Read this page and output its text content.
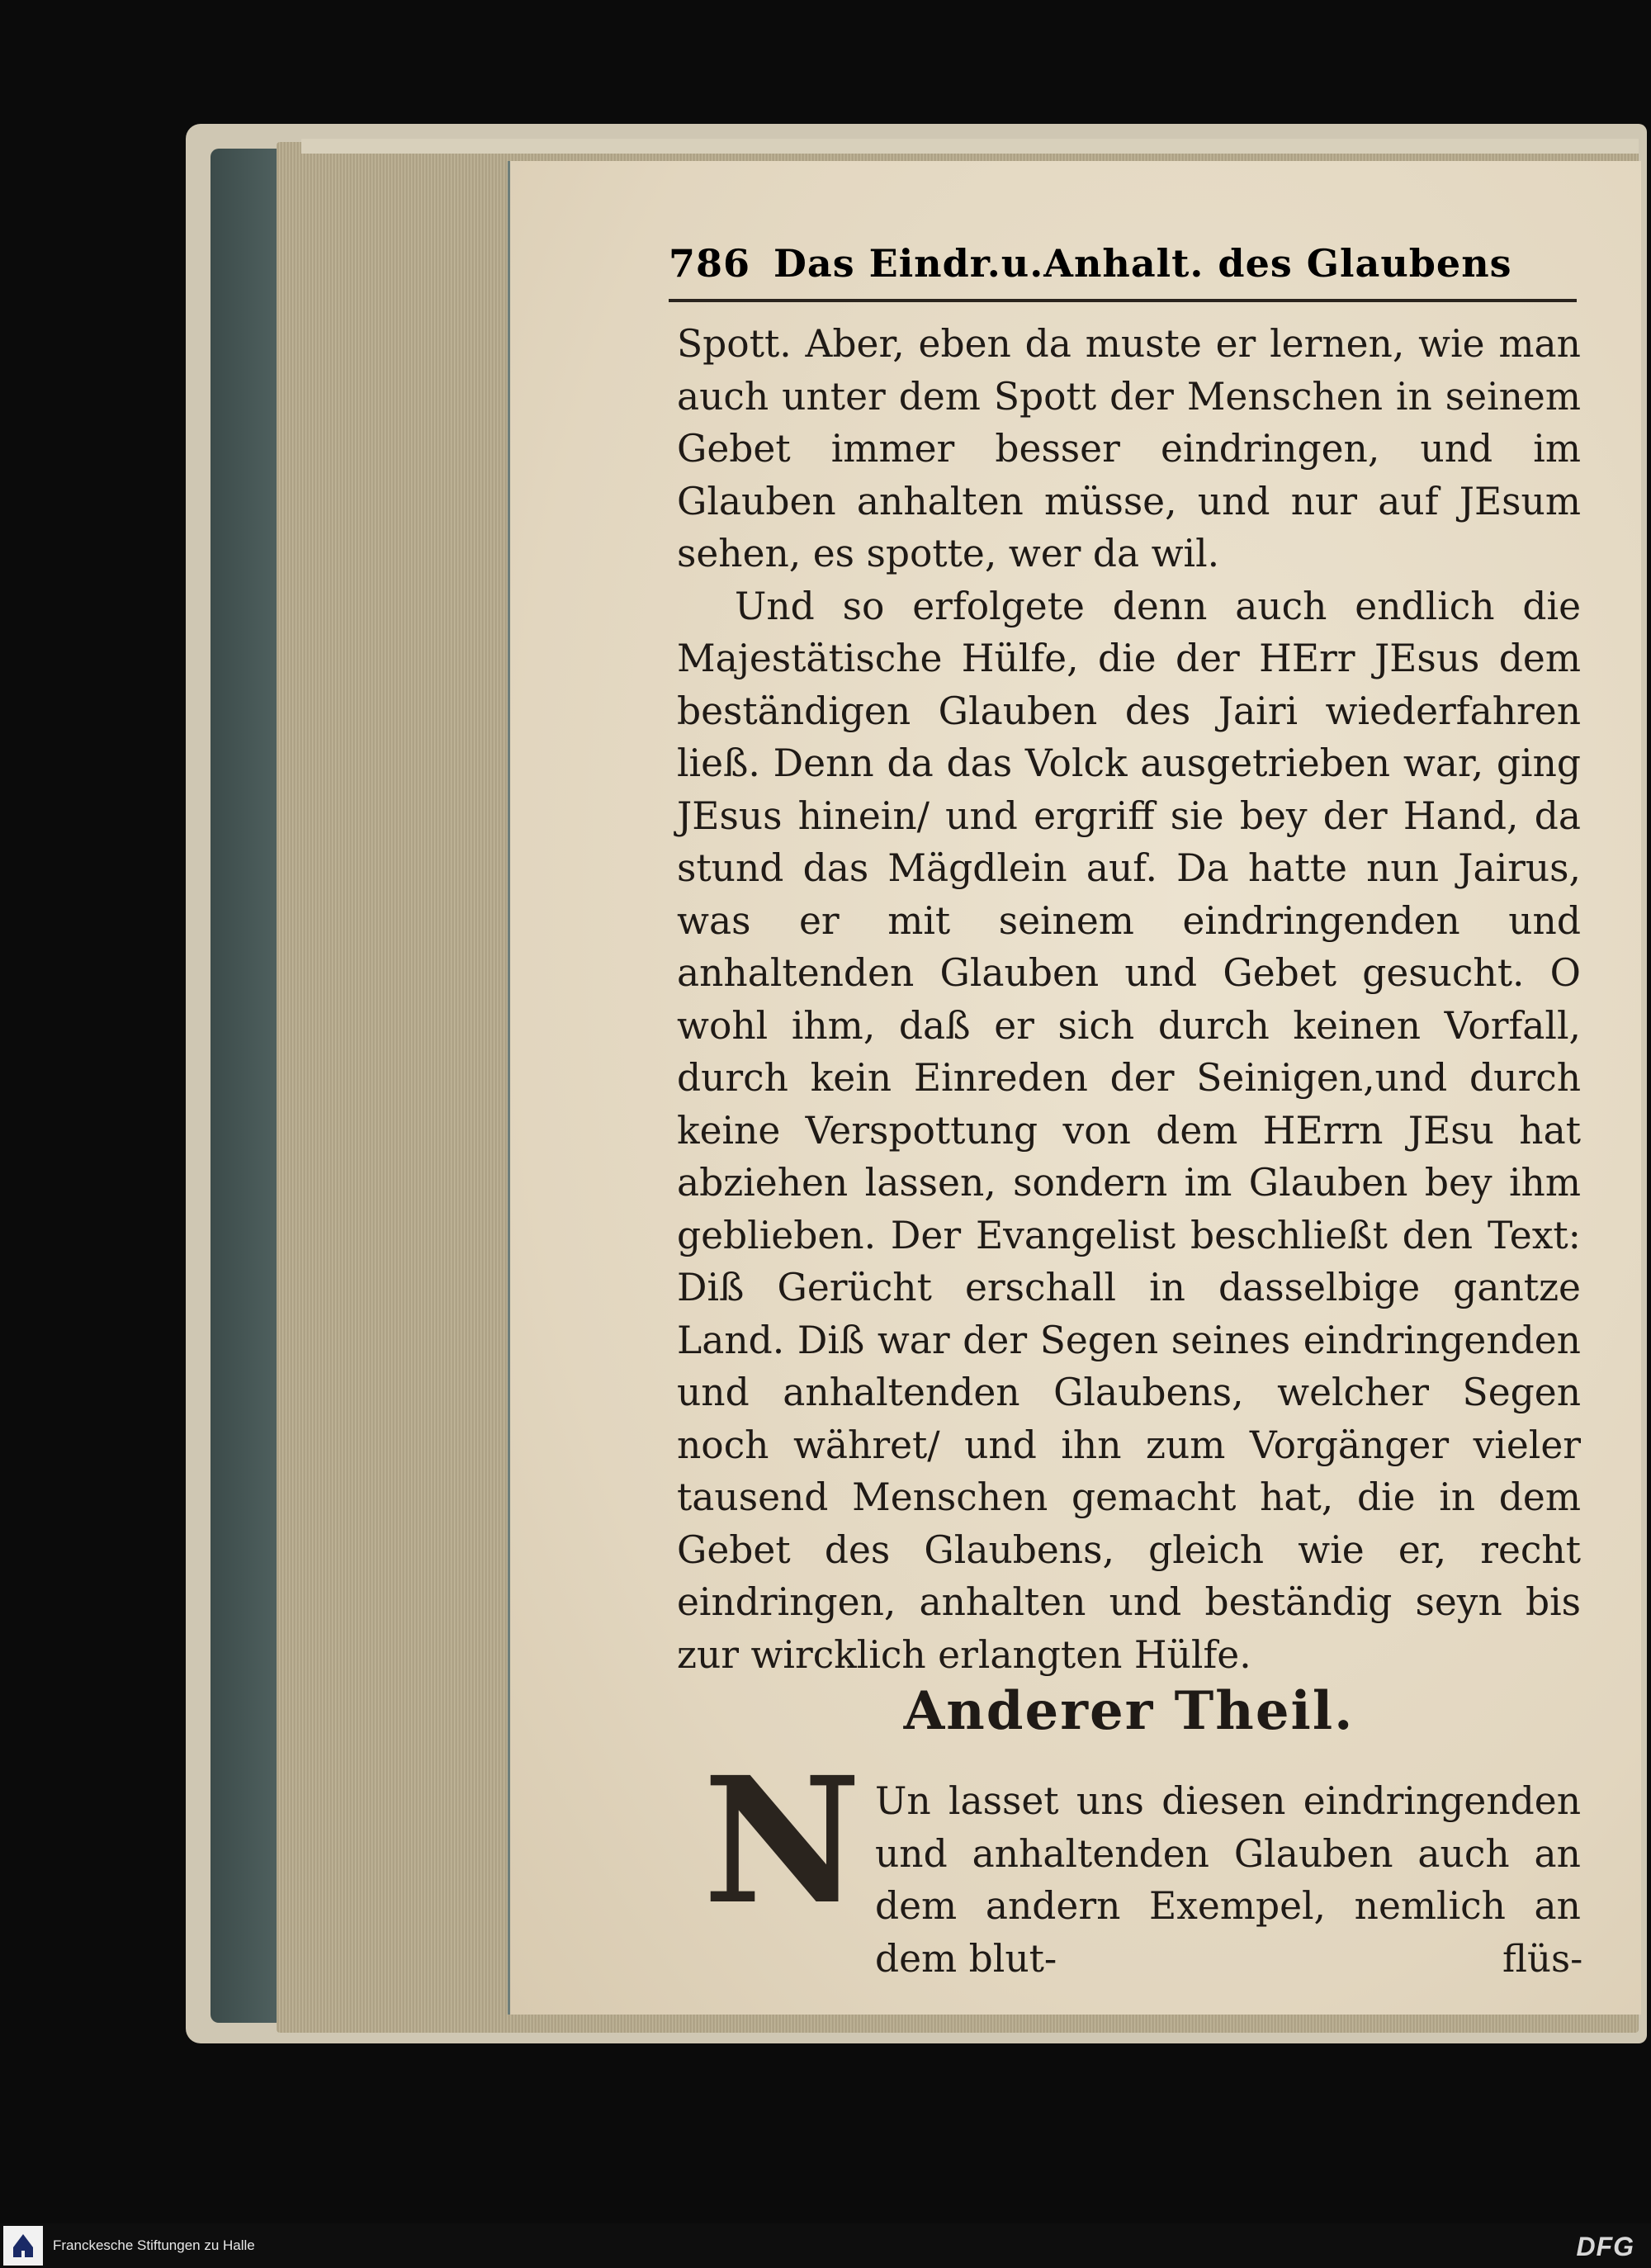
786 Das Eindr.u.Anhalt. des Glaubens

Spott. Aber, eben da muste er lernen, wie man auch unter dem Spott der Menschen in seinem Gebet immer besser eindringen, und im Glauben anhalten müsse, und nur auf JEsum sehen, es spotte, wer da wil.

Und so erfolgete denn auch endlich die Majestätische Hülfe, die der HErr JEsus dem beständigen Glauben des Jairi wiederfahren ließ. Denn da das Volck ausgetrieben war, ging JEsus hinein/ und ergriff sie bey der Hand, da stund das Mägdlein auf. Da hatte nun Jairus, was er mit seinem eindringenden und anhaltenden Glauben und Gebet gesucht. O wohl ihm, daß er sich durch keinen Vorfall, durch kein Einreden der Seinigen,und durch keine Verspottung von dem HErrn JEsu hat abziehen lassen, sondern im Glauben bey ihm geblieben. Der Evangelist beschließt den Text: Diß Gerücht erschall in dasselbige gantze Land. Diß war der Segen seines eindringenden und anhaltenden Glaubens, welcher Segen noch währet/ und ihn zum Vorgänger vieler tausend Menschen gemacht hat, die in dem Gebet des Glaubens, gleich wie er, recht eindringen, anhalten und beständig seyn bis zur wircklich erlangten Hülfe.

Anderer Theil.
N Un lasset uns diesen eindringenden und anhaltenden Glauben auch an dem andern Exempel, nemlich an dem blut-	flüs-
Franckesche Stiftungen zu Halle	DFG
